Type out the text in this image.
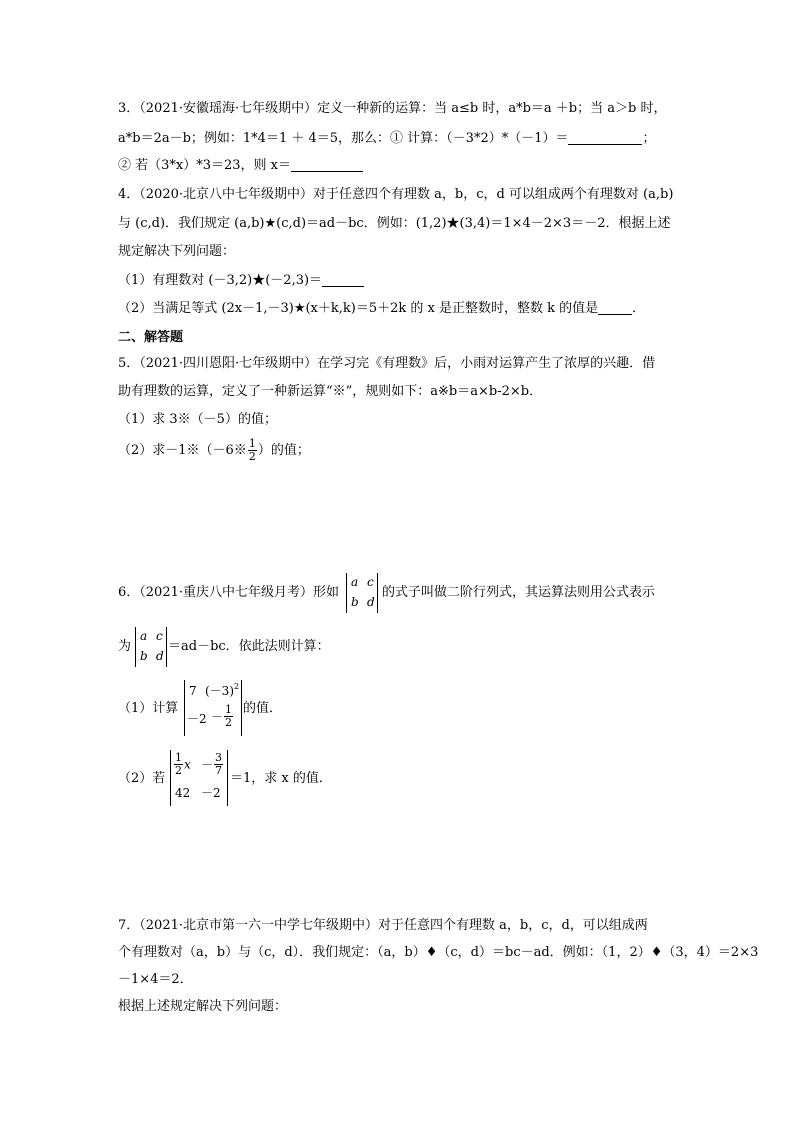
3．（2021·安徽瑶海·七年级期中）定义一种新的运算：当 a≤b 时，a*b＝a ＋b；当 a＞b 时，
a*b＝2a－b；例如：1*4＝1 ＋ 4＝5，那么：① 计算：（－3*2）*（－1）＝	；
② 若（3*x）*3＝23，则 x＝
4．（2020·北京八中七年级期中）对于任意四个有理数 a，b，c，d 可以组成两个有理数对 (a,b)
与 (c,d)．我们规定 (a,b)★(c,d)＝ad－bc．例如：(1,2)★(3,4)＝1×4－2×3＝－2．根据上述
规定解决下列问题：
（1）有理数对 (－3,2)★(－2,3)＝
（2）当满足等式 (2x－1,－3)★(x＋k,k)＝5＋2k 的 x 是正整数时，整数 k 的值是	．
二、解答题
5．（2021·四川恩阳·七年级期中）在学习完《有理数》后，小雨对运算产生了浓厚的兴趣．借
助有理数的运算，定义了一种新运算“※”，规则如下：a※b＝a×b-2×b．
（1）求 3※（－5）的值；
（2）求－1※（－6※ $\frac{1}{2}$ ）的值；
6．（2021·重庆八中七年级月考）形如
a c
b d
的式子叫做二阶行列式，其运算法则用公式表示
为
a c
b d
＝ad－bc．依此法则计算：
（1）计算
7 $(-3)^2$
$-2 - \frac{1}{2}$ 的值．
（2）若
$\frac{1}{2}$ $x - \frac{3}{7}$
42 －2
＝1，求 x 的值．
7．（2021·北京市第一六一中学七年级期中）对于任意四个有理数 a，b，c，d，可以组成两
个有理数对（a，b）与（c，d）．我们规定：（a，b）♦（c，d）＝bc－ad．例如：（1，2）♦（3，4）＝2×3
－1×4＝2．
根据上述规定解决下列问题：
